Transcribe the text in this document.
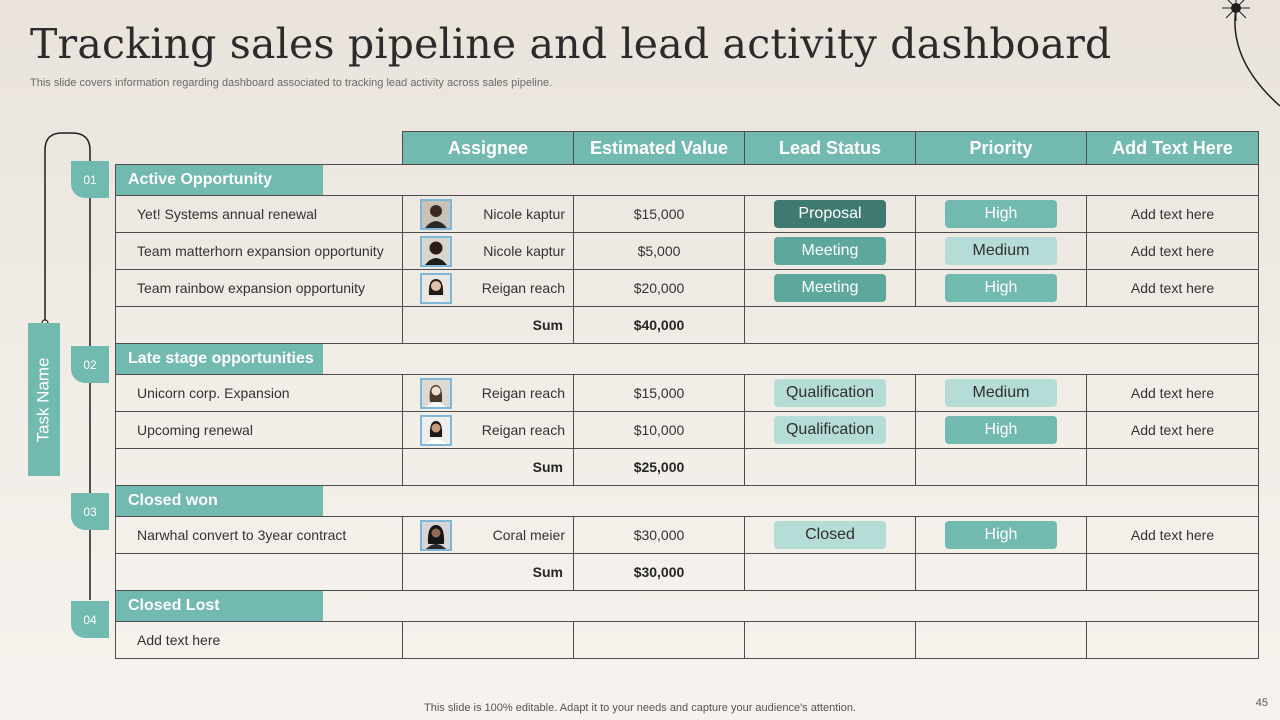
Tracking sales pipeline and lead activity dashboard
This slide covers information regarding dashboard associated to tracking lead activity across sales pipeline.
Task Name
01
02
03
04
	Assignee	Estimated Value	Lead Status	Priority	Add Text Here

Active Opportunity					

Yet! Systems annual renewal	Nicole kaptur	$15,000	Proposal	High	Add text here
Team matterhorn expansion opportunity	Nicole kaptur	$5,000	Meeting	Medium	Add text here
Team rainbow expansion opportunity	Reigan reach	$20,000	Meeting	High	Add text here
	Sum	$40,000			

Late stage opportunities					

Unicorn corp. Expansion	Reigan reach	$15,000	Qualification	Medium	Add text here
Upcoming renewal	Reigan reach	$10,000	Qualification	High	Add text here
	Sum	$25,000			

Closed won					

Narwhal convert to 3year contract	Coral meier	$30,000	Closed	High	Add text here
	Sum	$30,000			

Closed Lost					

Add text here					
This slide is 100% editable. Adapt it to your needs and capture your audience's attention.	45
